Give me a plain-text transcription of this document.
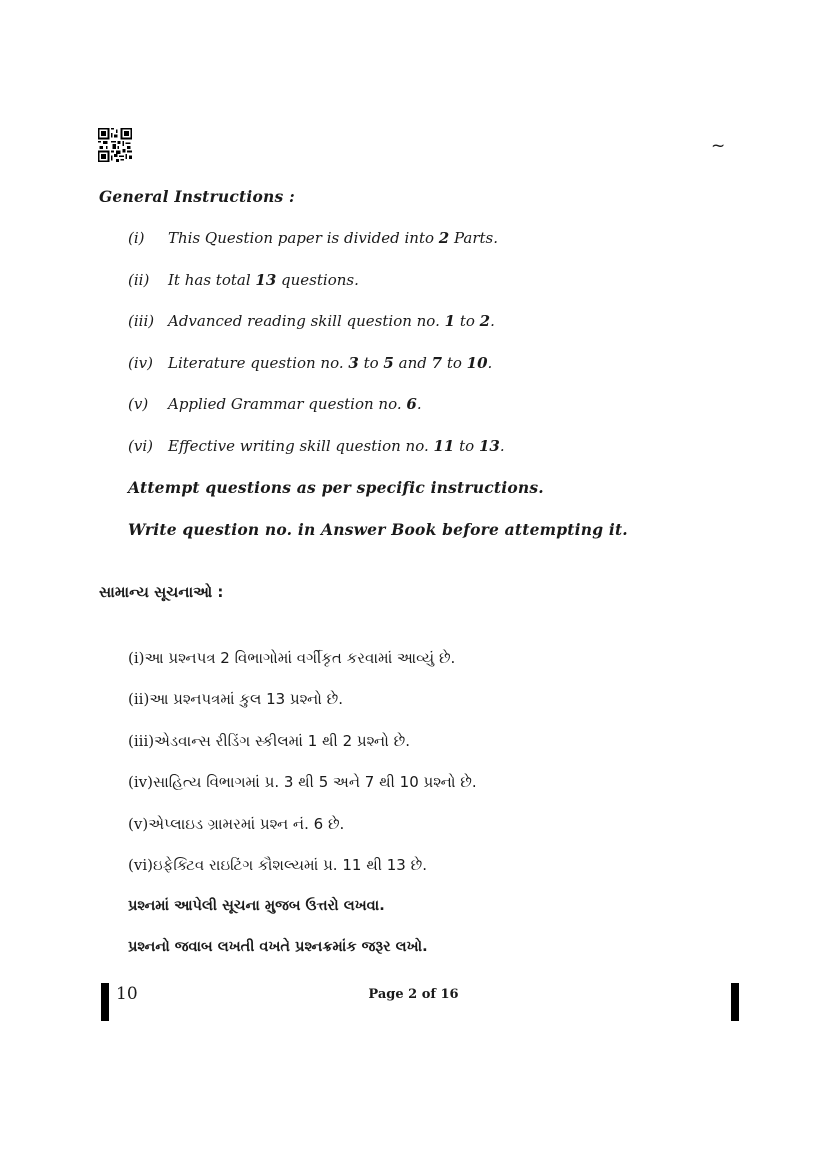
~
General Instructions :
(i) This Question paper is divided into 2 Parts.
(ii) It has total 13 questions.
(iii) Advanced reading skill question no. 1 to 2.
(iv) Literature question no. 3 to 5 and 7 to 10.
(v) Applied Grammar question no. 6.
(vi) Effective writing skill question no. 11 to 13.
Attempt questions as per specific instructions.
Write question no. in Answer Book before attempting it.
સામાન્ય સૂચનાઓ :
(i)આ પ્રશ્નપત્ર 2 વિભાગોમાં વર્ગીકૃત કરવામાં આવ્યું છે.
(ii)આ પ્રશ્નપત્રમાં કુલ 13 પ્રશ્નો છે.
(iii)એડવાન્સ રીડિંગ સ્કીલમાં 1 થી 2 પ્રશ્નો છે.
(iv)સાહિત્ય વિભાગમાં પ્ર. 3 થી 5 અને 7 થી 10 પ્રશ્નો છે.
(v)એપ્લાઇડ ગ્રામરમાં પ્રશ્ન નં. 6 છે.
(vi)ઇફેક્ટિવ રાઇટિંગ કૌશલ્યમાં પ્ર. 11 થી 13 છે.
પ્રશ્નમાં આપેલી સૂચના મુજબ ઉત્તરો લખવા.
પ્રશ્નનો જવાબ લખતી વખતે પ્રશ્નક્રમાંક જરૂર લખો.
10	Page 2 of 16
